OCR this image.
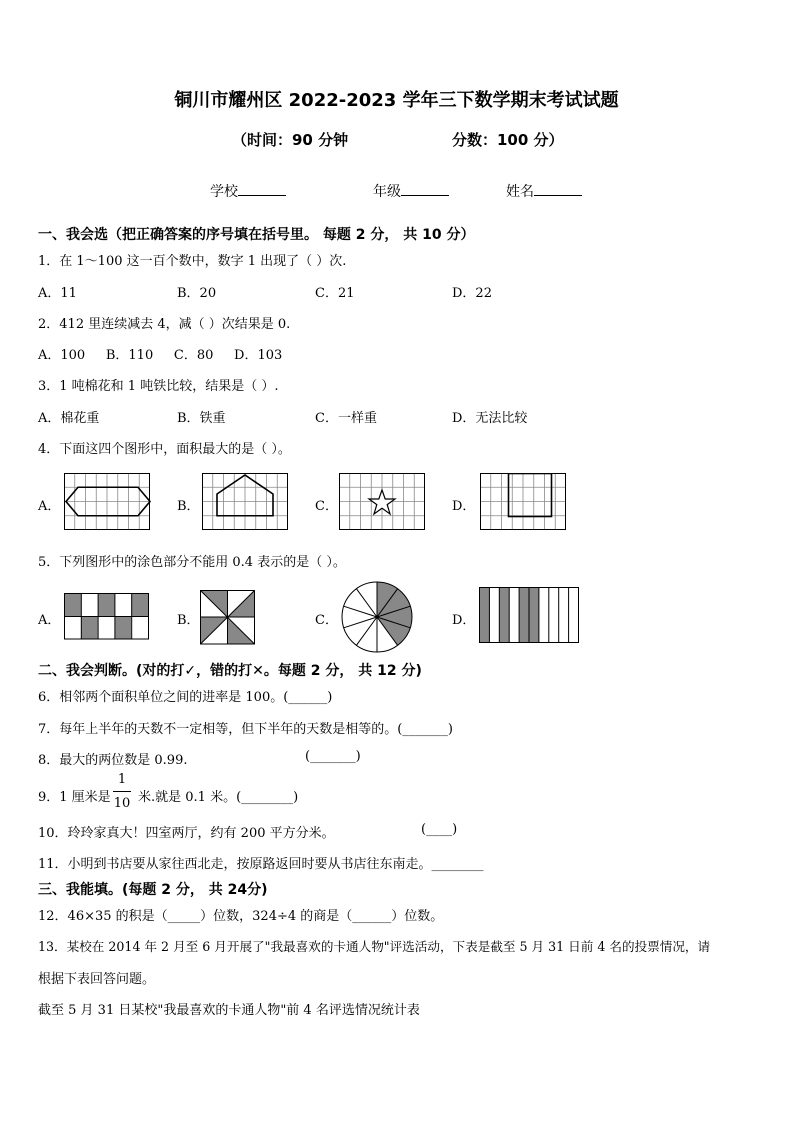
铜川市耀州区 2022-2023 学年三下数学期末考试试题
（时间：90 分钟	分数：100 分）
学校	年级	姓名
一、我会选（把正确答案的序号填在括号里。 每题 2 分， 共 10 分）
1．在 1～100 这一百个数中，数字 1 出现了（ ）次.
A．11	B．20	C．21	D．22
2．412 里连续减去 4，减（ ）次结果是 0.
A．100     B．110     C．80     D．103
3．1 吨棉花和 1 吨铁比较，结果是（ ）.
A．棉花重	B．铁重	C．一样重	D．无法比较
4．下面这四个图形中，面积最大的是（ ）。
A．	B．	C．	D．
5．下列图形中的涂色部分不能用 0.4 表示的是（ ）。
A．	B．	C．	D．
二、我会判断。(对的打✓，错的打✕。每题 2 分， 共 12 分)
6．相邻两个面积单位之间的进率是 100。(______)
7．每年上半年的天数不一定相等，但下半年的天数是相等的。(_______)
8．最大的两位数是 0.99.	(_______)
9．1 厘米是
1
10 米.就是 0.1 米。(________)
10．玲玲家真大！四室两厅，约有 200 平方分米。	(____)
11．小明到书店要从家往西北走，按原路返回时要从书店往东南走。________
三、我能填。(每题 2 分， 共 24分)
12．46×35 的积是（_____）位数，324÷4 的商是（______）位数。
13．某校在 2014 年 2 月至 6 月开展了"我最喜欢的卡通人物"评选活动，下表是截至 5 月 31 日前 4 名的投票情况，请
根据下表回答问题。
截至 5 月 31 日某校"我最喜欢的卡通人物"前 4 名评选情况统计表
